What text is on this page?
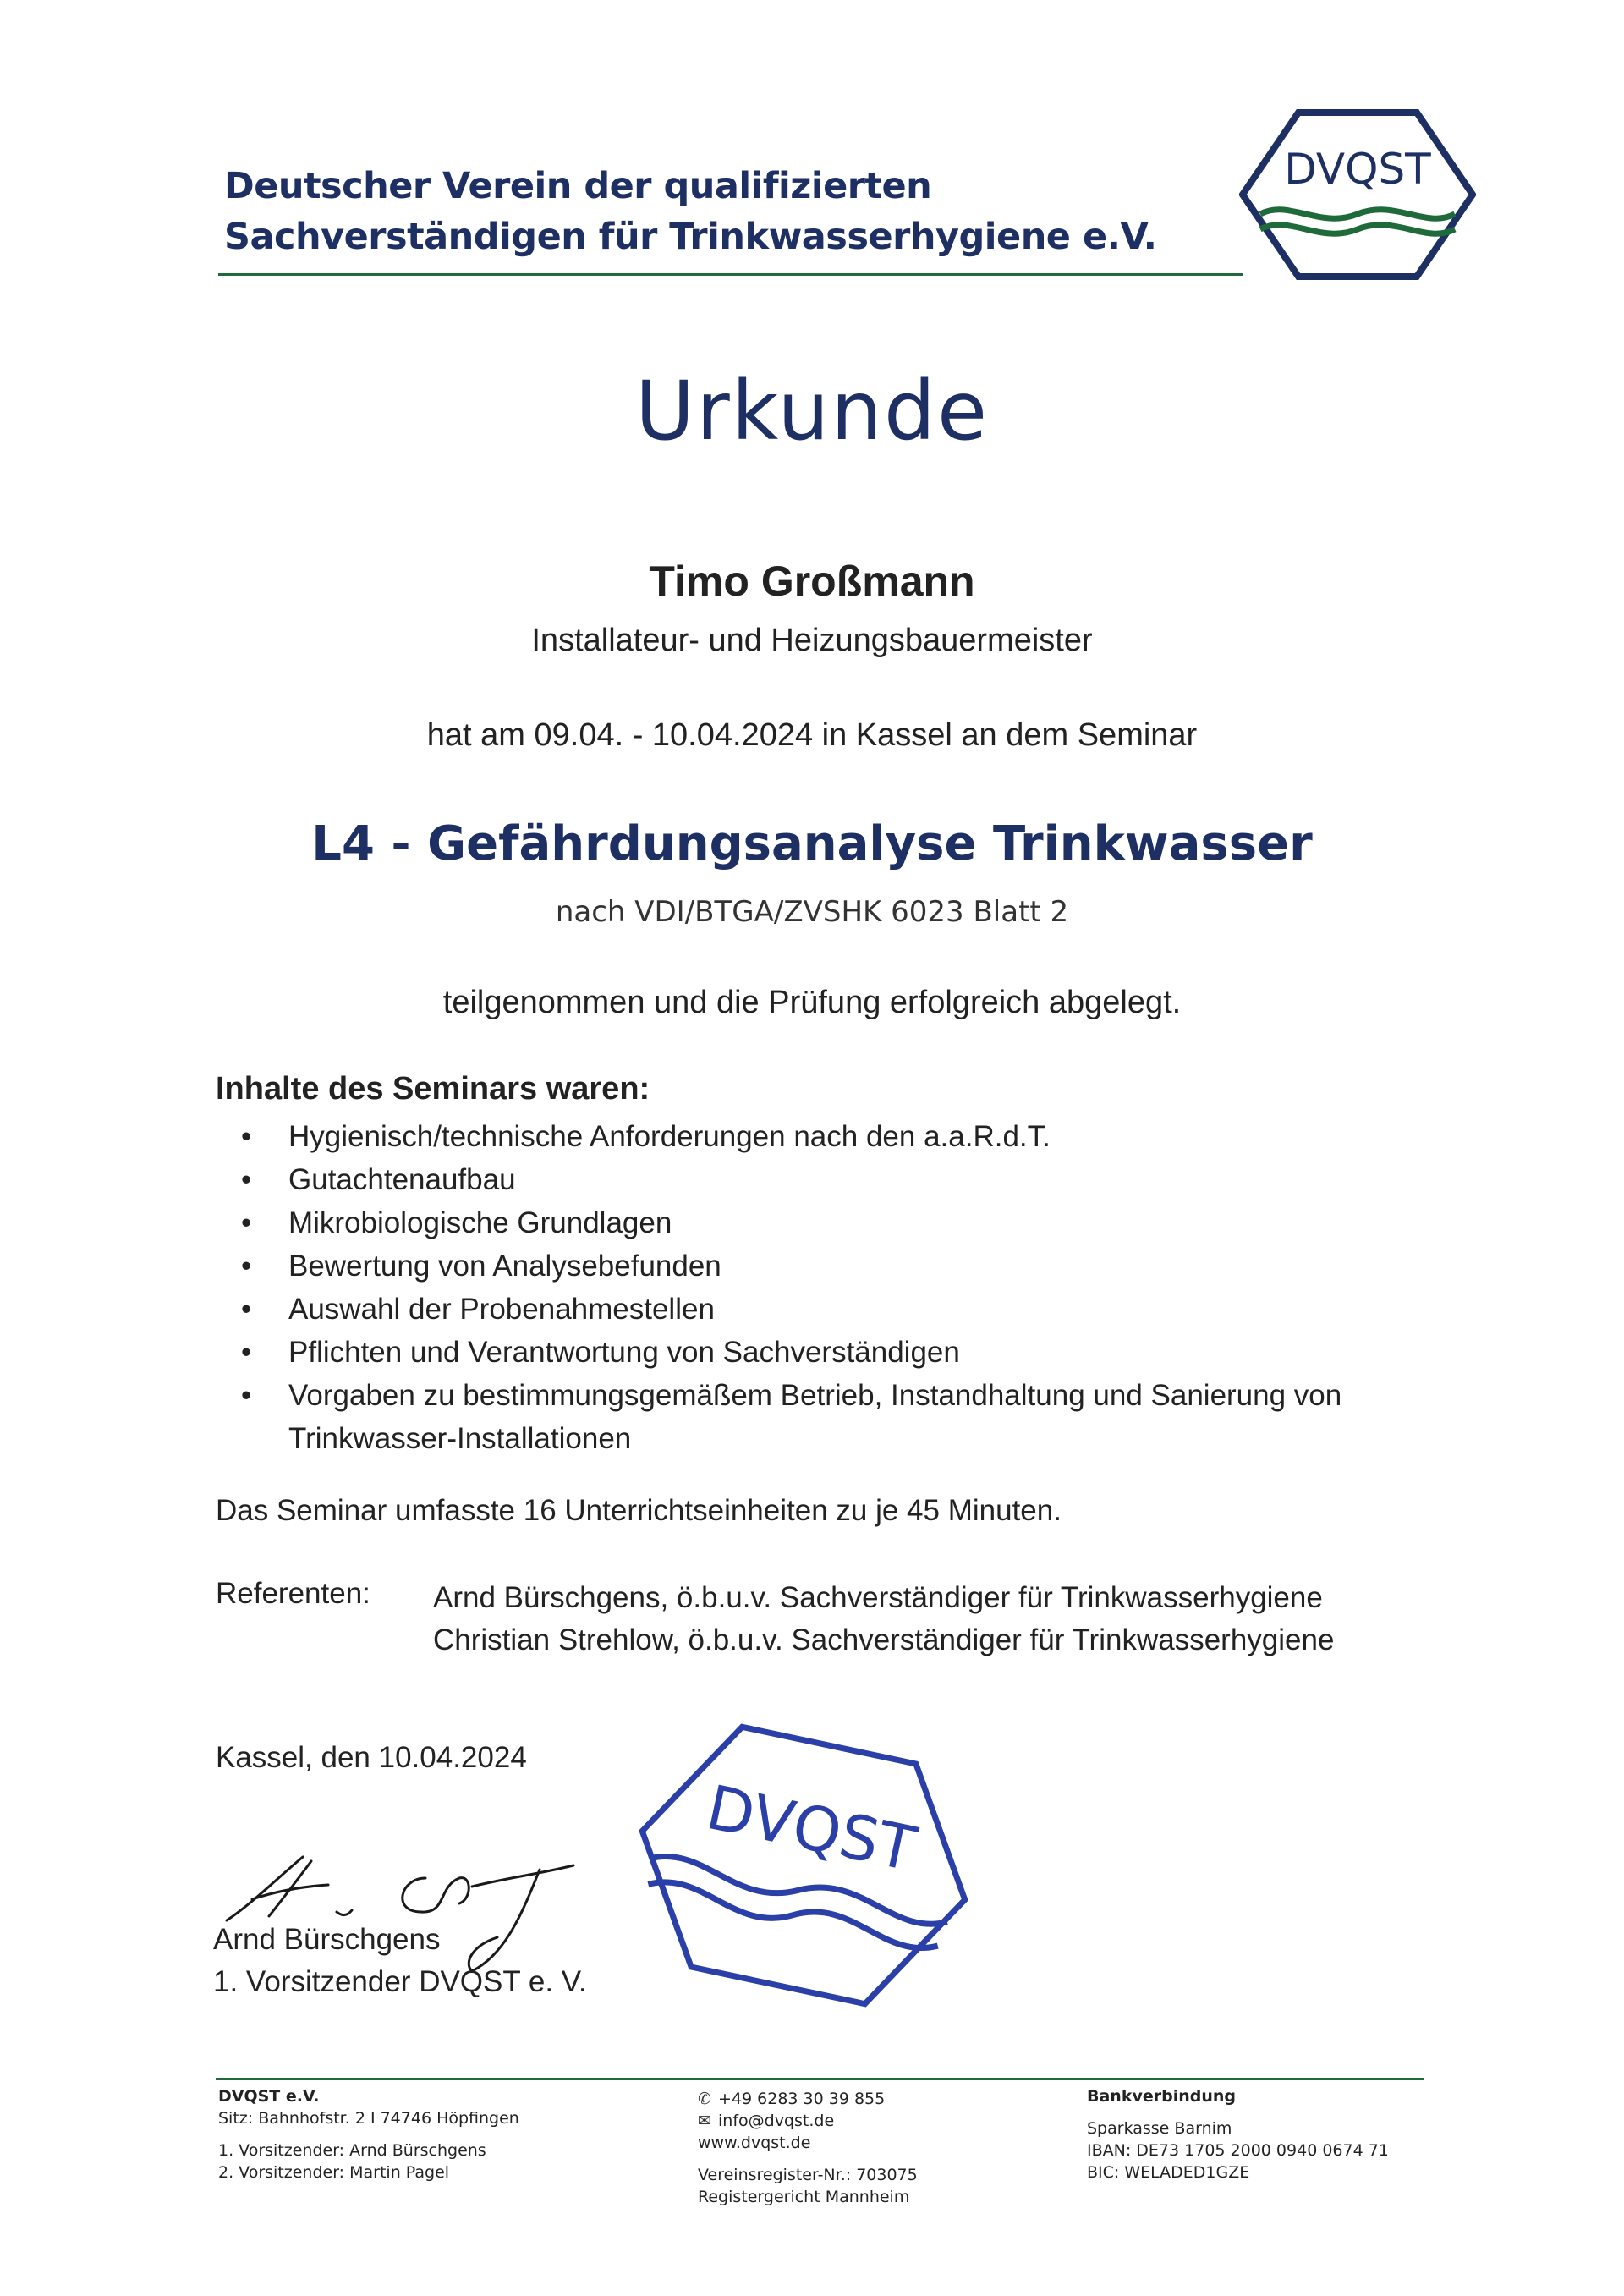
Deutscher Verein der qualifizierten
Sachverständigen für Trinkwasserhygiene e.V.
DVQST
Urkunde
Timo Großmann
Installateur- und Heizungsbauermeister
hat am 09.04. - 10.04.2024 in Kassel an dem Seminar
L4 - Gefährdungsanalyse Trinkwasser
nach VDI/BTGA/ZVSHK 6023 Blatt 2
teilgenommen und die Prüfung erfolgreich abgelegt.
Inhalte des Seminars waren:
• Hygienisch/technische Anforderungen nach den a.a.R.d.T.
• Gutachtenaufbau
• Mikrobiologische Grundlagen
• Bewertung von Analysebefunden
• Auswahl der Probenahmestellen
• Pflichten und Verantwortung von Sachverständigen
• Vorgaben zu bestimmungsgemäßem Betrieb, Instandhaltung und Sanierung von Trinkwasser-Installationen
Das Seminar umfasste 16 Unterrichtseinheiten zu je 45 Minuten.
Referenten: Arnd Bürschgens, ö.b.u.v. Sachverständiger für Trinkwasserhygiene
Christian Strehlow, ö.b.u.v. Sachverständiger für Trinkwasserhygiene
Kassel, den 10.04.2024
DVQST
Arnd Bürschgens
1. Vorsitzender DVQST e. V.
DVQST e.V.
Sitz: Bahnhofstr. 2 I 74746 Höpfingen
1. Vorsitzender: Arnd Bürschgens
2. Vorsitzender: Martin Pagel
✆ +49 6283 30 39 855
✉ info@dvqst.de
www.dvqst.de
Vereinsregister-Nr.: 703075
Registergericht Mannheim
Bankverbindung
Sparkasse Barnim
IBAN: DE73 1705 2000 0940 0674 71
BIC: WELADED1GZE
